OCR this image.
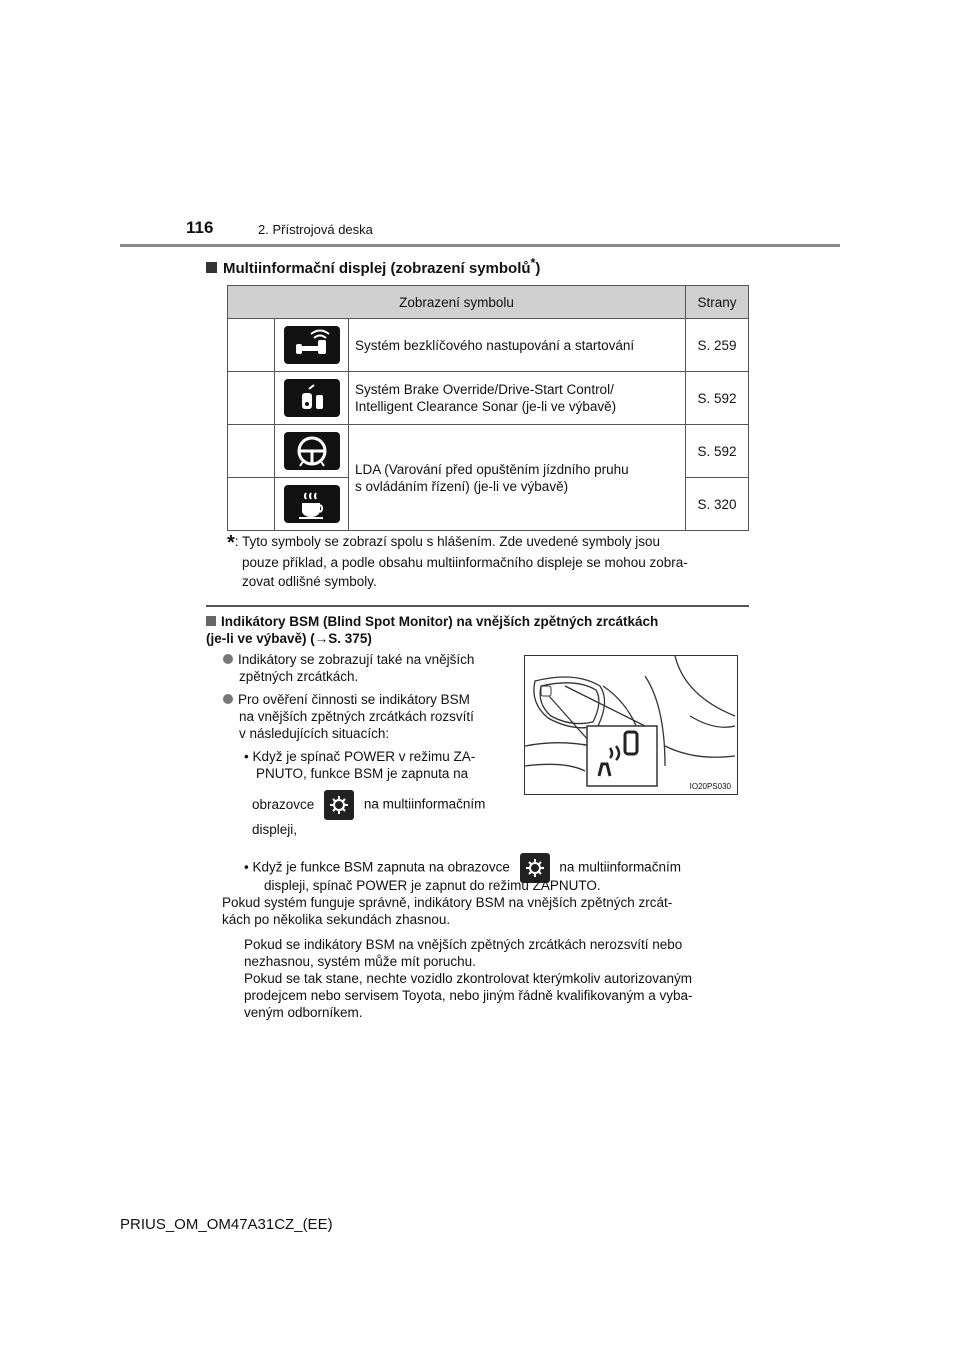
116	2. Přístrojová deska
Multiinformační displej (zobrazení symbolů*)
Zobrazení symbolu			Strany

	Systém bezklíčového nastupování a startování	S. 259

	Systém Brake Override/Drive-Start Control/
Intelligent Clearance Sonar (je-li ve výbavě)	S. 592

	LDA (Varování před opuštěním jízdního pruhu
s ovládáním řízení) (je-li ve výbavě)	S. 592

	S. 320
*: Tyto symboly se zobrazí spolu s hlášením. Zde uvedené symboly jsou
pouze příklad, a podle obsahu multiinformačního displeje se mohou zobra-
zovat odlišné symboly.
Indikátory BSM (Blind Spot Monitor) na vnějších zpětných zrcátkách
(je-li ve výbavě) (→S. 375)
Indikátory se zobrazují také na vnějších
zpětných zrcátkách.
Pro ověření činnosti se indikátory BSM
na vnějších zpětných zrcátkách rozsvítí
v následujících situacích:
• Když je spínač POWER v režimu ZA-
PNUTO, funkce BSM je zapnuta na
obrazovce	na multiinformačním
displeji,
IO20PS030
• Když je funkce BSM zapnuta na obrazovce	na multiinformačním
displeji, spínač POWER je zapnut do režimu ZAPNUTO.
Pokud systém funguje správně, indikátory BSM na vnějších zpětných zrcát-
kách po několika sekundách zhasnou.
Pokud se indikátory BSM na vnějších zpětných zrcátkách nerozsvítí nebo
nezhasnou, systém může mít poruchu.
Pokud se tak stane, nechte vozidlo zkontrolovat kterýmkoliv autorizovaným
prodejcem nebo servisem Toyota, nebo jiným řádně kvalifikovaným a vyba-
veným odborníkem.
PRIUS_OM_OM47A31CZ_(EE)
